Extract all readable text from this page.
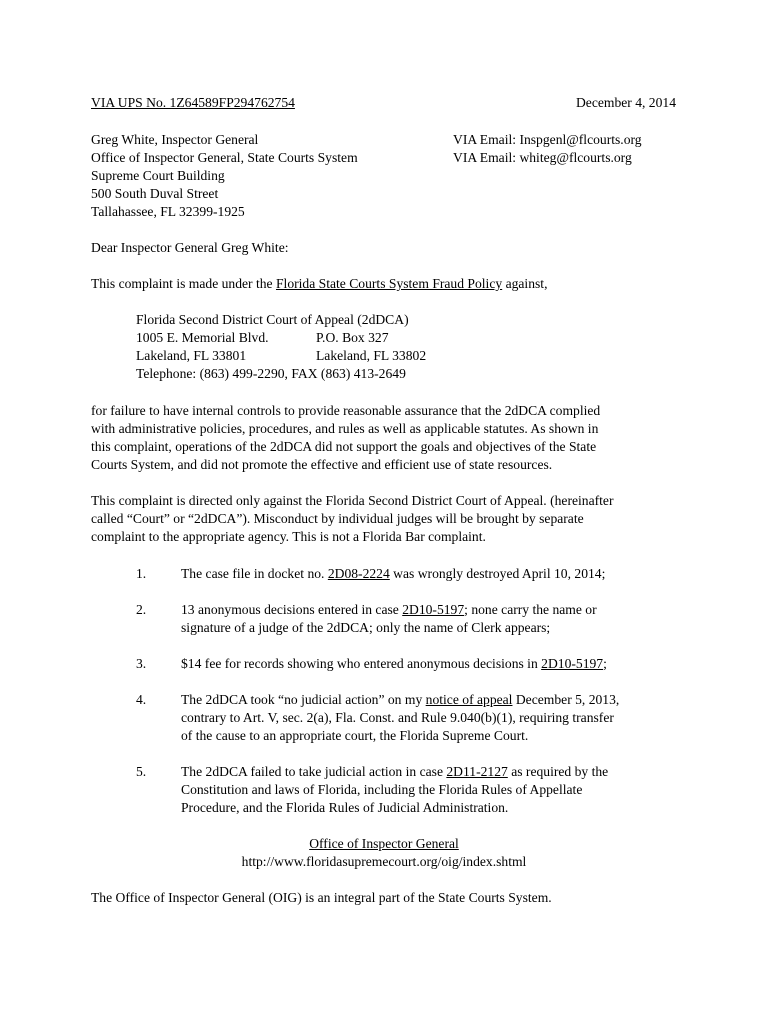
VIA UPS No. 1Z64589FP294762754	December 4, 2014
Greg White, Inspector General
Office of Inspector General, State Courts System
Supreme Court Building
500 South Duval Street
Tallahassee, FL 32399-1925
VIA Email: Inspgenl@flcourts.org
VIA Email: whiteg@flcourts.org
Dear Inspector General Greg White:
This complaint is made under the Florida State Courts System Fraud Policy against,
Florida Second District Court of Appeal (2dDCA)
1005 E. Memorial Blvd.	P.O. Box 327
Lakeland, FL 33801	Lakeland, FL 33802
Telephone: (863) 499-2290, FAX (863) 413-2649
for failure to have internal controls to provide reasonable assurance that the 2dDCA complied
with administrative policies, procedures, and rules as well as applicable statutes. As shown in
this complaint, operations of the 2dDCA did not support the goals and objectives of the State
Courts System, and did not promote the effective and efficient use of state resources.
This complaint is directed only against the Florida Second District Court of Appeal. (hereinafter
called “Court” or “2dDCA”). Misconduct by individual judges will be brought by separate
complaint to the appropriate agency. This is not a Florida Bar complaint.
1.	The case file in docket no. 2D08-2224 was wrongly destroyed April 10, 2014;
2.	13 anonymous decisions entered in case 2D10-5197; none carry the name or
signature of a judge of the 2dDCA; only the name of Clerk appears;
3.	$14 fee for records showing who entered anonymous decisions in 2D10-5197;
4.	The 2dDCA took “no judicial action” on my notice of appeal December 5, 2013,
contrary to Art. V, sec. 2(a), Fla. Const. and Rule 9.040(b)(1), requiring transfer
of the cause to an appropriate court, the Florida Supreme Court.
5.	The 2dDCA failed to take judicial action in case 2D11-2127 as required by the
Constitution and laws of Florida, including the Florida Rules of Appellate
Procedure, and the Florida Rules of Judicial Administration.
Office of Inspector General
http://www.floridasupremecourt.org/oig/index.shtml
The Office of Inspector General (OIG) is an integral part of the State Courts System.
